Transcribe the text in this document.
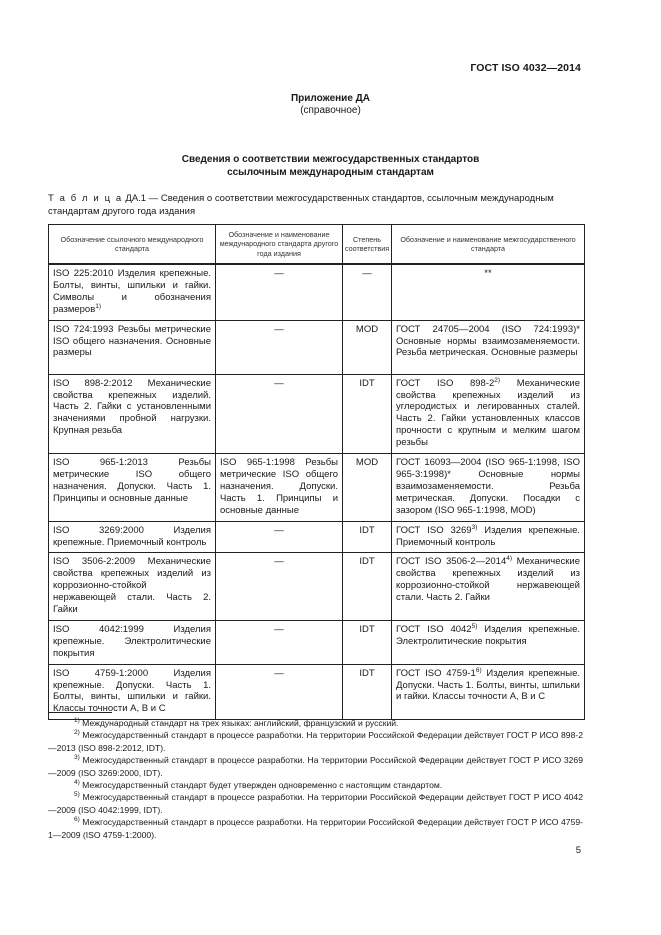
ГОСТ ISO 4032—2014
Приложение ДА
(справочное)
Сведения о соответствии межгосударственных стандартов
ссылочным международным стандартам
Т а б л и ц а ДА.1 — Сведения о соответствии межгосударственных стандартов, ссылочным международным стандартам другого года издания
Обозначение ссылочного международного стандарта	Обозначение и наименование международного стандарта другого года издания	Степень соответствия	Обозначение и наименование межгосударственного стандарта
ISO 225:2010 Изделия крепежные. Болты, винты, шпильки и гайки. Символы и обозначения размеров$^{1)}$	—	—	**
ISO 724:1993 Резьбы метрические ISO общего назначения. Основные размеры	—	MOD	ГОСТ 24705—2004 (ISO 724:1993)* Основные нормы взаимозаменяемости. Резьба метрическая. Основные размеры
ISO 898-2:2012 Механические свойства крепежных изделий. Часть 2. Гайки с установленными значениями пробной нагрузки. Крупная резьба	—	IDT	ГОСТ ISO 898-2$^{2)}$ Механические свойства крепежных изделий из углеродистых и легированных сталей. Часть 2. Гайки установленных классов прочности с крупным и мелким шагом резьбы
ISO 965-1:2013 Резьбы метрические ISO общего назначения. Допуски. Часть 1. Принципы и основные данные	ISO 965-1:1998 Резьбы метрические ISO общего назначения. Допуски. Часть 1. Принципы и основные данные	MOD	ГОСТ 16093—2004 (ISO 965-1:1998, ISO 965-3:1998)* Основные нормы взаимозаменяемости. Резьба метрическая. Допуски. Посадки с зазором (ISO 965-1:1998, MOD)
ISO 3269:2000 Изделия крепежные. Приемочный контроль	—	IDT	ГОСТ ISO 3269$^{3)}$ Изделия крепежные. Приемочный контроль
ISO 3506-2:2009 Механические свойства крепежных изделий из коррозионно-стойкой нержавеющей стали. Часть 2. Гайки	—	IDT	ГОСТ ISO 3506-2—2014$^{4)}$ Механические свойства крепежных изделий из коррозионно-стойкой нержавеющей стали. Часть 2. Гайки
ISO 4042:1999 Изделия крепежные. Электролитические покрытия	—	IDT	ГОСТ ISO 4042$^{5)}$ Изделия крепежные. Электролитические покрытия
ISO 4759-1:2000 Изделия крепежные. Допуски. Часть 1. Болты, винты, шпильки и гайки. Классы точности А, В и С	—	IDT	ГОСТ ISO 4759-1$^{6)}$ Изделия крепежные. Допуски. Часть 1. Болты, винты, шпильки и гайки. Классы точности А, В и С
$^{1)}$ Международный стандарт на трех языках: английский, французский и русский.
$^{2)}$ Межгосударственный стандарт в процессе разработки. На территории Российской Федерации действует ГОСТ Р ИСО 898-2—2013 (ISO 898-2:2012, IDT).
$^{3)}$ Межгосударственный стандарт в процессе разработки. На территории Российской Федерации действует ГОСТ Р ИСО 3269—2009 (ISO 3269:2000, IDT).
$^{4)}$ Межгосударственный стандарт будет утвержден одновременно с настоящим стандартом.
$^{5)}$ Межгосударственный стандарт в процессе разработки. На территории Российской Федерации действует ГОСТ Р ИСО 4042—2009 (ISO 4042:1999, IDT).
$^{6)}$ Межгосударственный стандарт в процессе разработки. На территории Российской Федерации действует ГОСТ Р ИСО 4759-1—2009 (ISO 4759-1:2000).
5
